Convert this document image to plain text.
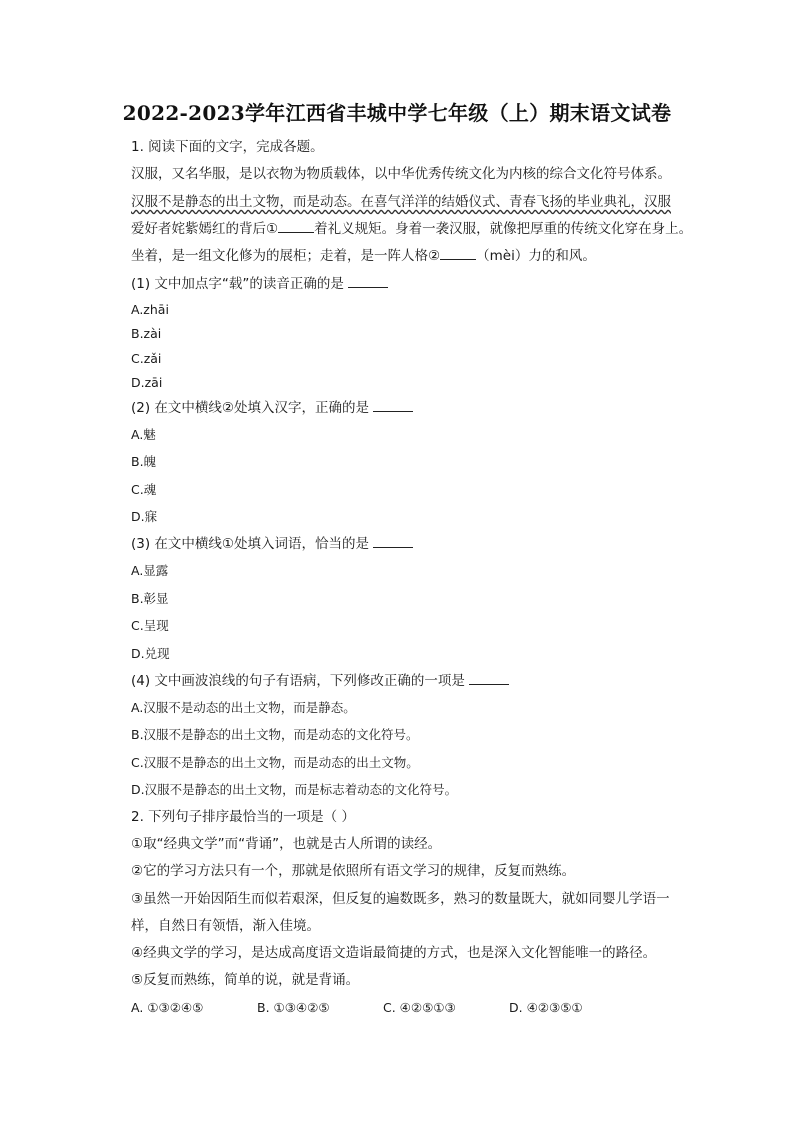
2022-2023学年江西省丰城中学七年级（上）期末语文试卷
1. 阅读下面的文字，完成各题。
汉服，又名华服，是以衣物为物质载体，以中华优秀传统文化为内核的综合文化符号体系。
汉服不是静态的出土文物，而是动态。在喜气洋洋的结婚仪式、青春飞扬的毕业典礼，汉服
爱好者姹紫嫣红的背后①	着礼义规矩。身着一袭汉服，就像把厚重的传统文化穿在身上。
坐着，是一组文化修为的展柜；走着，是一阵人格②	（mèi）力的和风。
(1) 文中加点字“载”的读音正确的是
A.zhāi
B.zài
C.zǎi
D.zāi
(2) 在文中横线②处填入汉字，正确的是
A.魅
B.魄
C.魂
D.寐
(3) 在文中横线①处填入词语，恰当的是
A.显露
B.彰显
C.呈现
D.兑现
(4) 文中画波浪线的句子有语病，下列修改正确的一项是
A.汉服不是动态的出土文物，而是静态。
B.汉服不是静态的出土文物，而是动态的文化符号。
C.汉服不是静态的出土文物，而是动态的出土文物。
D.汉服不是静态的出土文物，而是标志着动态的文化符号。
2. 下列句子排序最恰当的一项是（ ）
①取“经典文学”而“背诵”，也就是古人所谓的读经。
②它的学习方法只有一个，那就是依照所有语文学习的规律，反复而熟练。
③虽然一开始因陌生而似若艰深，但反复的遍数既多，熟习的数量既大，就如同婴儿学语一
样，自然日有领悟，渐入佳境。
④经典文学的学习，是达成高度语文造诣最简捷的方式，也是深入文化智能唯一的路径。
⑤反复而熟练，简单的说，就是背诵。
A. ①③②④⑤	B. ①③④②⑤	C. ④②⑤①③	D. ④②③⑤①
